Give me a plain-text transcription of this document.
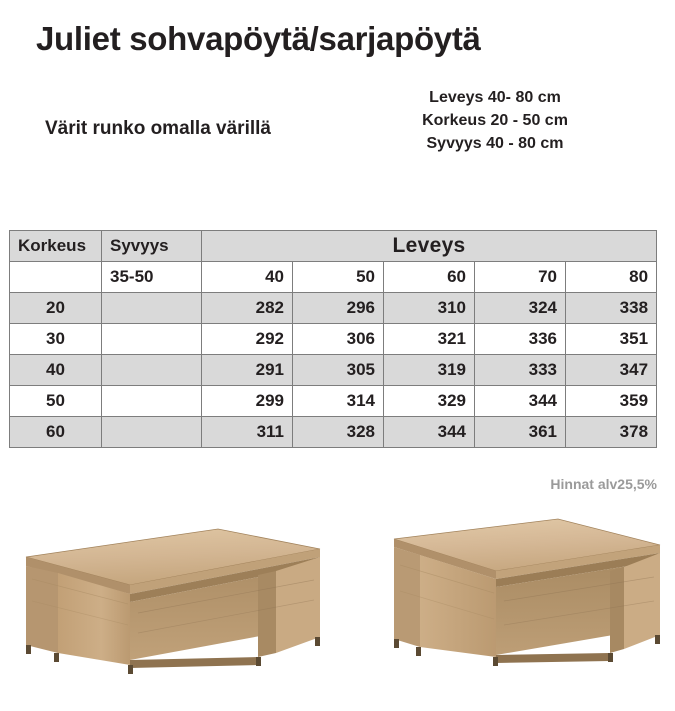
Juliet sohvapöytä/sarjapöytä
Värit runko omalla värillä
Leveys 40- 80 cm
Korkeus 20 - 50 cm
Syvyys 40 - 80 cm
Korkeus	Syvyys	Leveys				
	35-50	40	50	60	70	80
20		282	296	310	324	338
30		292	306	321	336	351
40		291	305	319	333	347
50		299	314	329	344	359
60		311	328	344	361	378
Hinnat alv25,5%
